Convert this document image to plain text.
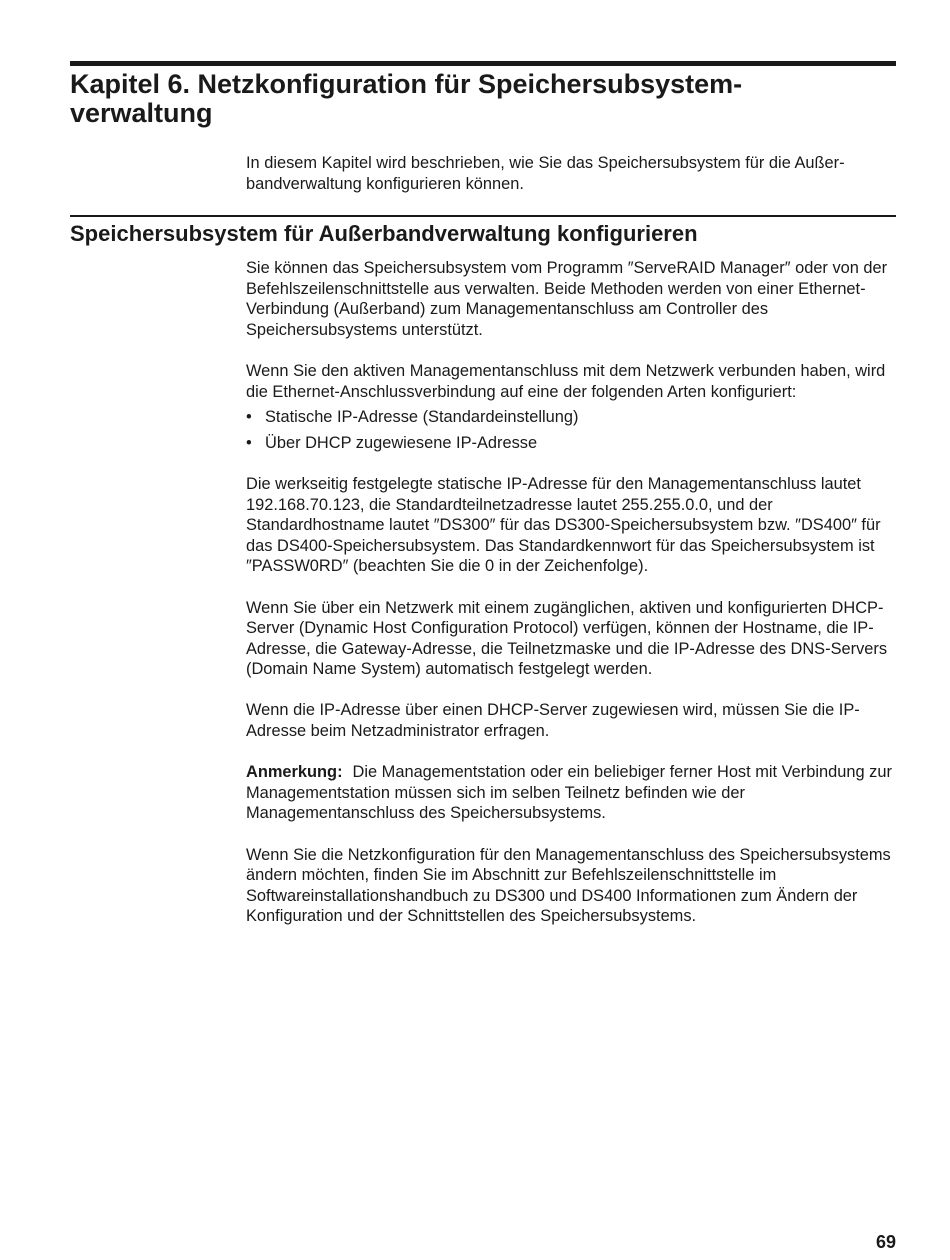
Kapitel 6. Netzkonfiguration für Speichersubsystem-
verwaltung

In diesem Kapitel wird beschrieben, wie Sie das Speichersubsystem für die Außer-
bandverwaltung konfigurieren können.

Speichersubsystem für Außerbandverwaltung konfigurieren

Sie können das Speichersubsystem vom Programm ″ServeRAID Manager″ oder von der Befehlszeilenschnittstelle aus verwalten. Beide Methoden werden von einer Ethernet-Verbindung (Außerband) zum Managementanschluss am Controller des Speichersubsystems unterstützt.

Wenn Sie den aktiven Managementanschluss mit dem Netzwerk verbunden haben, wird die Ethernet-Anschlussverbindung auf eine der folgenden Arten konfiguriert:

• Statische IP-Adresse (Standardeinstellung)
• Über DHCP zugewiesene IP-Adresse

Die werkseitig festgelegte statische IP-Adresse für den Managementanschluss lautet 192.168.70.123, die Standardteilnetzadresse lautet 255.255.0.0, und der Standardhostname lautet ″DS300″ für das DS300-Speichersubsystem bzw. ″DS400″ für das DS400-Speichersubsystem. Das Standardkennwort für das Speichersubsystem ist ″PASSW0RD″ (beachten Sie die 0 in der Zeichenfolge).

Wenn Sie über ein Netzwerk mit einem zugänglichen, aktiven und konfigurierten DHCP-Server (Dynamic Host Configuration Protocol) verfügen, können der Hostname, die IP-Adresse, die Gateway-Adresse, die Teilnetzmaske und die IP-Adresse des DNS-Servers (Domain Name System) automatisch festgelegt werden.

Wenn die IP-Adresse über einen DHCP-Server zugewiesen wird, müssen Sie die IP-Adresse beim Netzadministrator erfragen.

Anmerkung: Die Managementstation oder ein beliebiger ferner Host mit Verbindung zur Managementstation müssen sich im selben Teilnetz befinden wie der Managementanschluss des Speichersubsystems.

Wenn Sie die Netzkonfiguration für den Managementanschluss des Speichersubsystems ändern möchten, finden Sie im Abschnitt zur Befehlszeilenschnittstelle im Softwareinstallationshandbuch zu DS300 und DS400 Informationen zum Ändern der Konfiguration und der Schnittstellen des Speichersubsystems.

69
